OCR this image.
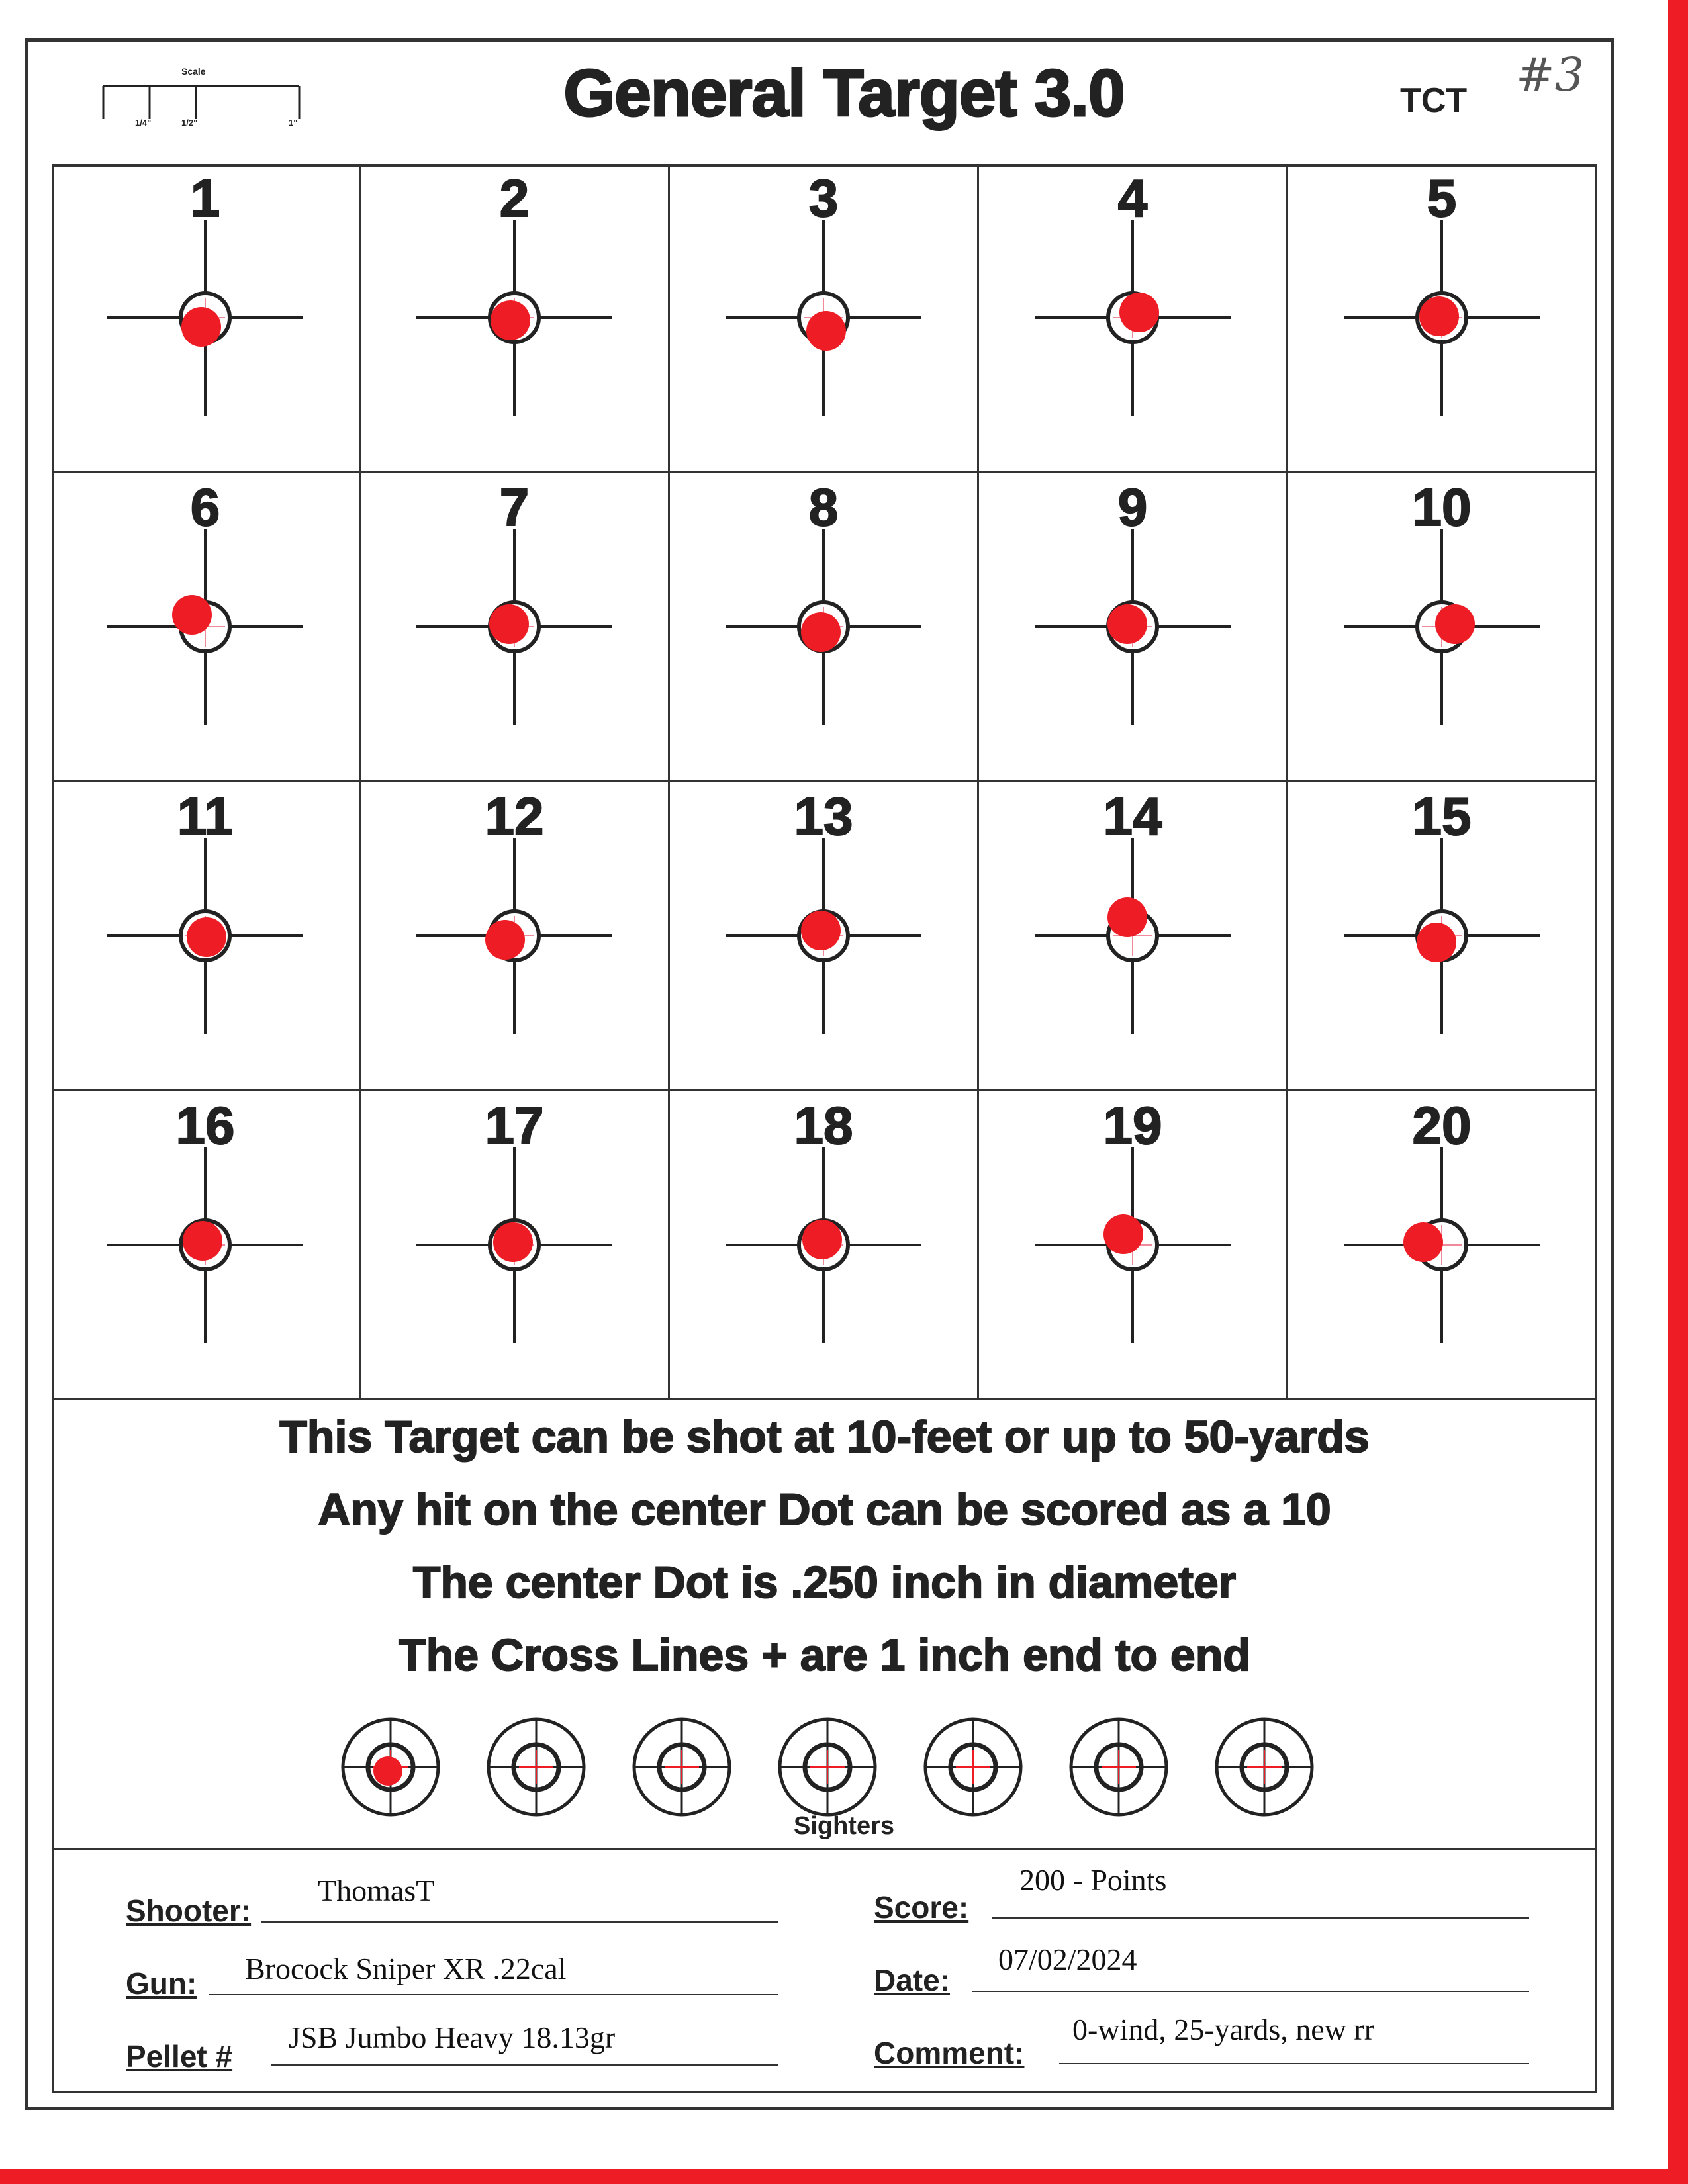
Scale
1/4"	1/2"	1"	General Target 3.0	TCT #3
1	2	3	4	5
6	7	8	9	10
11	12	13	14	15
16	17	18	19	20
This Target can be shot at 10-feet or up to 50-yards
Any hit on the center Dot can be scored as a 10
The center Dot is .250 inch in diameter
The Cross Lines + are 1 inch end to end
Sighters
Shooter:
ThomasT
Gun: Brocock Sniper XR .22cal
Pellet #
JSB Jumbo Heavy 18.13gr
Score:
200 - Points
Date:
07/02/2024
Comment:
0-wind, 25-yards, new rr
